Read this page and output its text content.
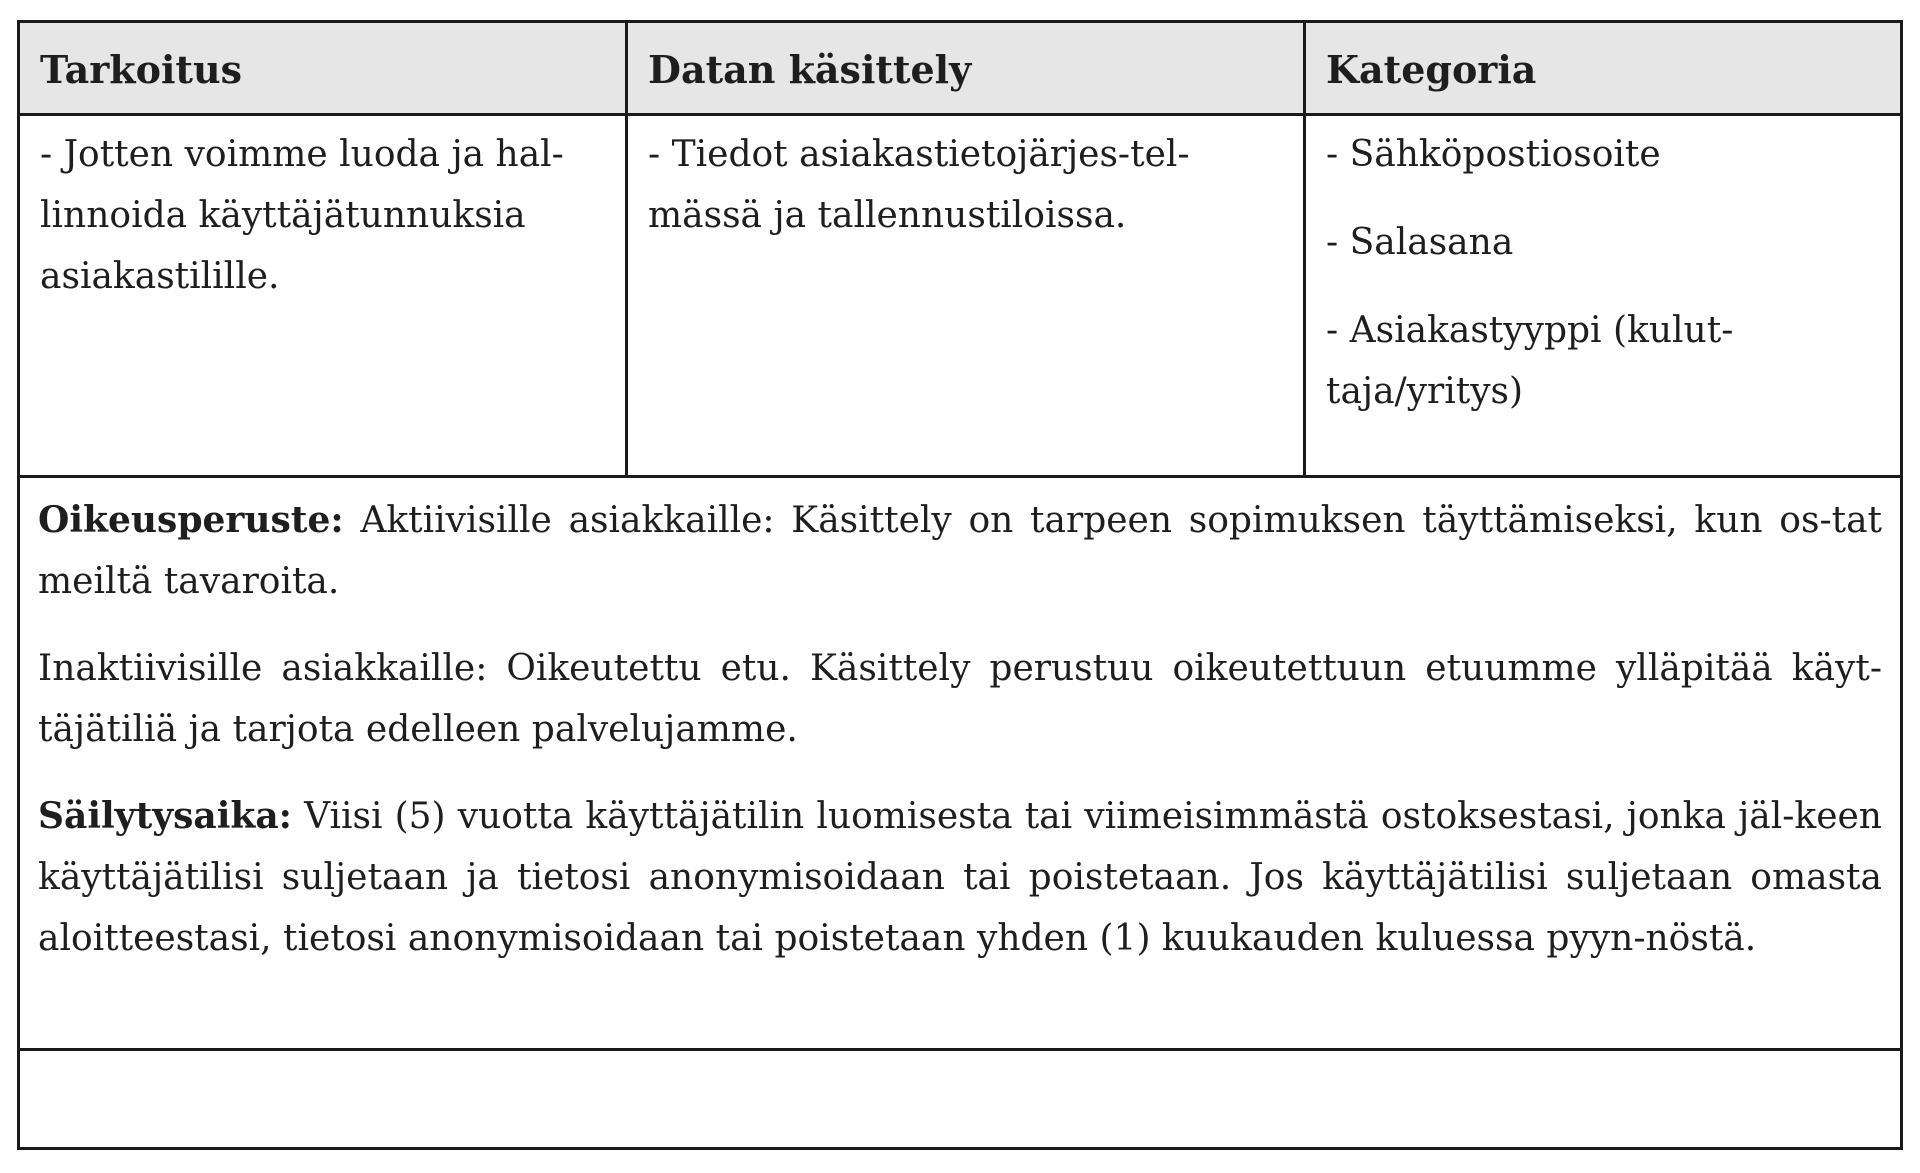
Tarkoitus	Datan käsittely	Kategoria
- Jotten voimme luoda ja hal-linnoida käyttäjätunnuksia asiakastilille.
- Tiedot asiakastietojärjes-tel-mässä ja tallennustiloissa.
- Sähköpostiosoite
- Salasana
- Asiakastyyppi (kulut-taja/yritys)

Oikeusperuste: Aktiivisille asiakkaille: Käsittely on tarpeen sopimuksen täyttämiseksi, kun os-tat meiltä tavaroita.

Inaktiivisille asiakkaille: Oikeutettu etu. Käsittely perustuu oikeutettuun etuumme ylläpitää käyt-täjätiliä ja tarjota edelleen palvelujamme.

Säilytysaika: Viisi (5) vuotta käyttäjätilin luomisesta tai viimeisimmästä ostoksestasi, jonka jäl-keen käyttäjätilisi suljetaan ja tietosi anonymisoidaan tai poistetaan. Jos käyttäjätilisi suljetaan omasta aloitteestasi, tietosi anonymisoidaan tai poistetaan yhden (1) kuukauden kuluessa pyyn-nöstä.
